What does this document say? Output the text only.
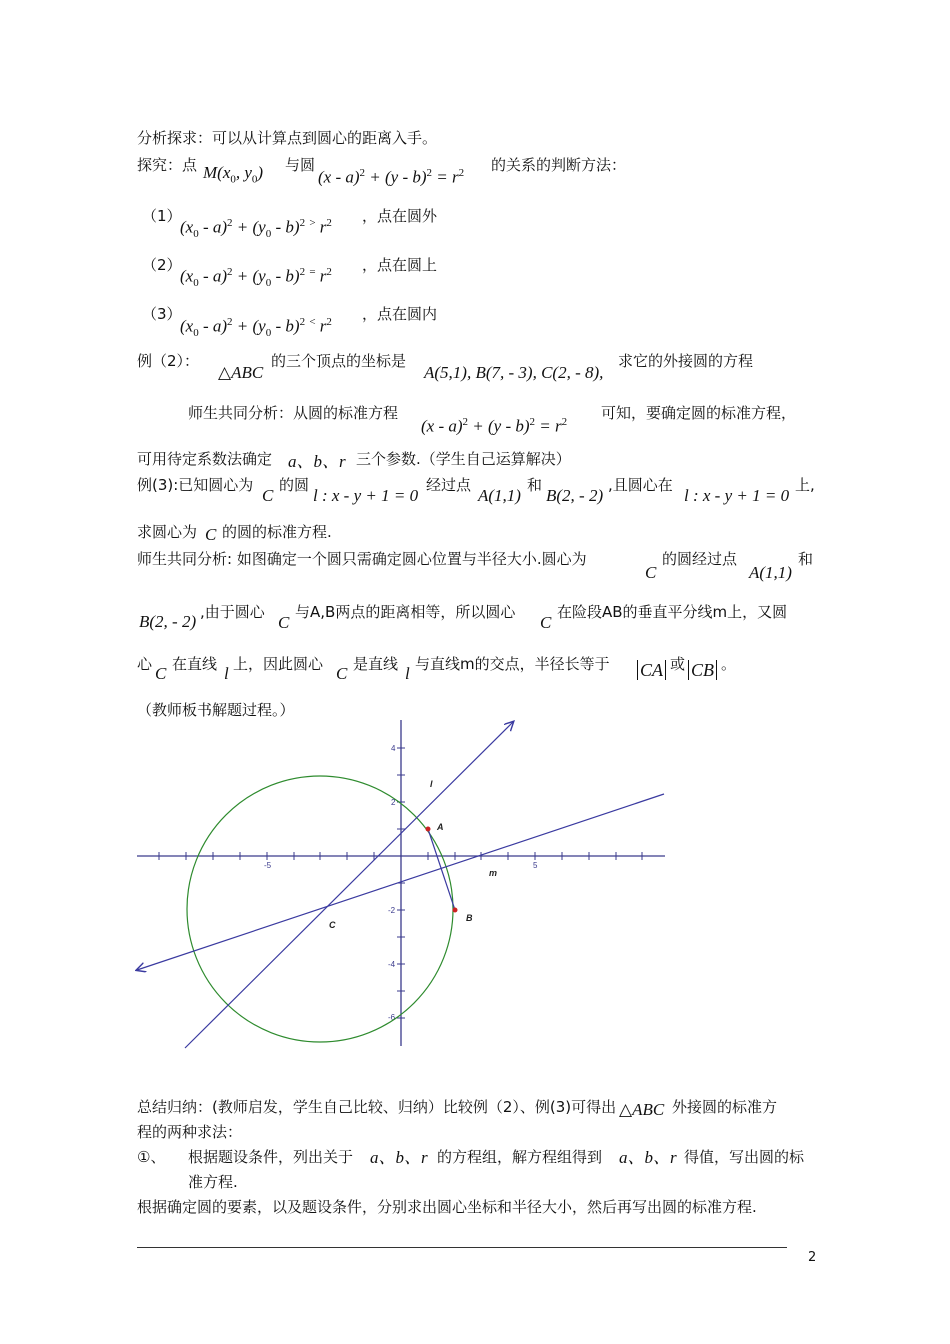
分析探求：可以从计算点到圆心的距离入手。
探究：点 $M(x_0$, $y_0$) 与圆
$(x - a)^2 + (y - b)^2 = r^2$ 的关系的判断方法：
（1）
$(x_0 - a)^2 + (y_0 - b)^2$ > $r^2$ ，点在圆外
（2）
$(x_0 - a)^2 + (y_0 - b)^2$ = $r^2$ ，点在圆上
（3）
$(x_0 - a)^2 + (y_0 - b)^2$ < $r^2$ ，点在圆内
例（2）：
△ABC
的三个顶点的坐标是
A(5,1), B(7, - 3), C(2, - 8),
求它的外接圆的方程
师生共同分析：从圆的标准方程
$(x - a)^2 + (y - b)^2 = r^2$ 可知，要确定圆的标准方程，
可用待定系数法确定 a、b、r 三个参数.（学生自己运算解决）
例(3):已知圆心为
C
的圆
l : x - y + 1 = 0
经过点
A(1,1)
和
B(2, - 2)
,且圆心在
l : x - y + 1 = 0
上,
求圆心为 C 的圆的标准方程.
师生共同分析: 如图确定一个圆只需确定圆心位置与半径大小.圆心为
C
的圆经过点
A(1,1)
和
B(2, - 2) ,由于圆心
C
与A,B两点的距离相等，所以圆心
C
在险段AB的垂直平分线m上，又圆
心 C 在直线 l 上，因此圆心 C 是直线 l 与直线m的交点，半径长等于 CA 或 CB 。
（教师板书解题过程。）
-5	5
4
2
-2
-4
-6
A
B
C
l
m
总结归纳：(教师启发，学生自己比较、归纳）比较例（2）、例(3)可得出 △ABC 外接圆的标准方
程的两种求法：
①、 根据题设条件，列出关于 a、b、r 的方程组，解方程组得到 a、b、r 得值，写出圆的标
准方程.
根据确定圆的要素，以及题设条件，分别求出圆心坐标和半径大小，然后再写出圆的标准方程.
2
